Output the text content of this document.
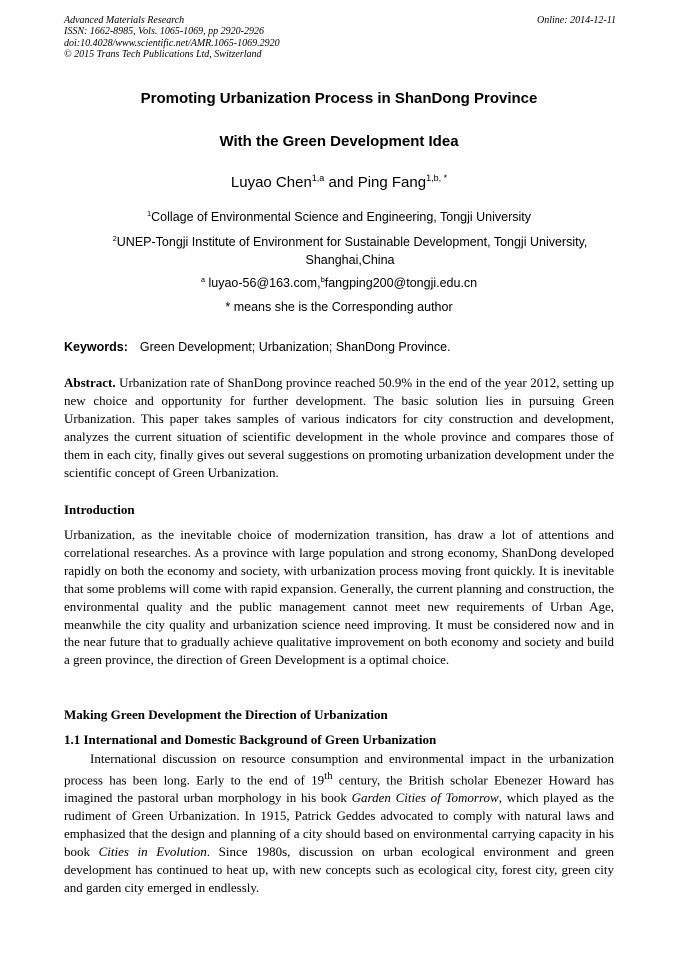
Advanced Materials Research
ISSN: 1662-8985, Vols. 1065-1069, pp 2920-2926
doi:10.4028/www.scientific.net/AMR.1065-1069.2920
© 2015 Trans Tech Publications Ltd, Switzerland
Online: 2014-12-11
Promoting Urbanization Process in ShanDong Province
With the Green Development Idea
Luyao Chen$^{1,a}$ and Ping Fang$^{1,b, *}$
$^1$Collage of Environmental Science and Engineering, Tongji University
$^2$UNEP-Tongji Institute of Environment for Sustainable Development, Tongji University, Shanghai,China
$^a$ luyao-56@163.com,$^b$fangping200@tongji.edu.cn
* means she is the Corresponding author
Keywords: Green Development; Urbanization; ShanDong Province.

Abstract. Urbanization rate of ShanDong province reached 50.9% in the end of the year 2012, setting up new choice and opportunity for further development. The basic solution lies in pursuing Green Urbanization. This paper takes samples of various indicators for city construction and development, analyzes the current situation of scientific development in the whole province and compares those of them in each city, finally gives out several suggestions on promoting urbanization development under the scientific concept of Green Urbanization.

Introduction

Urbanization, as the inevitable choice of modernization transition, has draw a lot of attentions and correlational researches. As a province with large population and strong economy, ShanDong developed rapidly on both the economy and society, with urbanization process moving front quickly. It is inevitable that some problems will come with rapid expansion. Generally, the current planning and construction, the environmental quality and the public management cannot meet new requirements of Urban Age, meanwhile the city quality and urbanization science need improving. It must be considered now and in the near future that to gradually achieve qualitative improvement on both economy and society and build a green province, the direction of Green Development is a optimal choice.

Making Green Development the Direction of Urbanization
1.1 International and Domestic Background of Green Urbanization

International discussion on resource consumption and environmental impact in the urbanization process has been long. Early to the end of 19th century, the British scholar Ebenezer Howard has imagined the pastoral urban morphology in his book Garden Cities of Tomorrow, which played as the rudiment of Green Urbanization. In 1915, Patrick Geddes advocated to comply with natural laws and emphasized that the design and planning of a city should based on environmental carrying capacity in his book Cities in Evolution. Since 1980s, discussion on urban ecological environment and green development has continued to heat up, with new concepts such as ecological city, forest city, green city and garden city emerged in endlessly.
